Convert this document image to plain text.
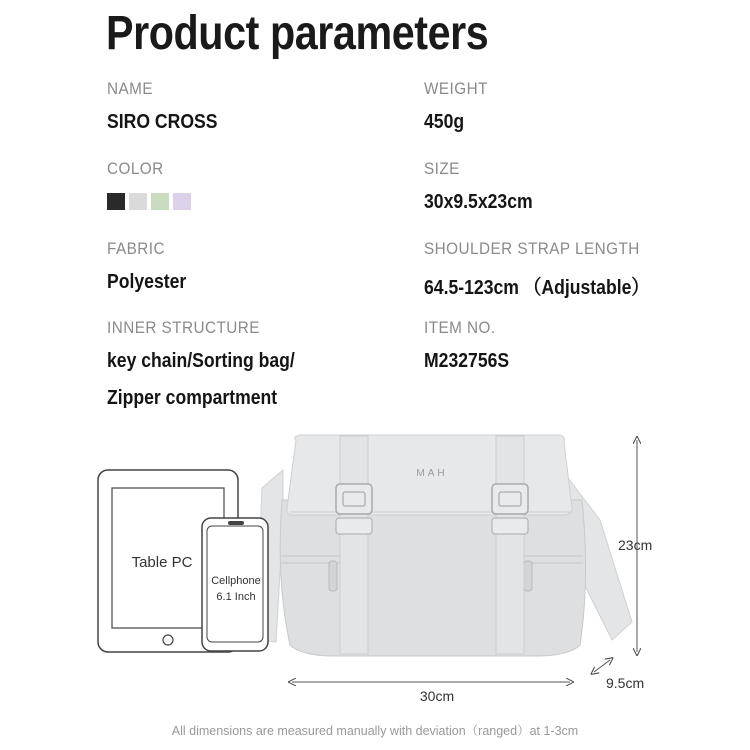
Product parameters
NAME
SIRO CROSS
WEIGHT
450g
COLOR	SIZE
30x9.5x23cm
FABRIC
Polyester
SHOULDER STRAP LENGTH
64.5-123cm （Adjustable）
INNER STRUCTURE
key chain/Sorting bag/
Zipper compartment
ITEM NO.
M232756S
MAH
Table PC
Cellphone
6.1 Inch
23cm
30cm
9.5cm
All dimensions are measured manually with deviation（ranged）at 1-3cm
